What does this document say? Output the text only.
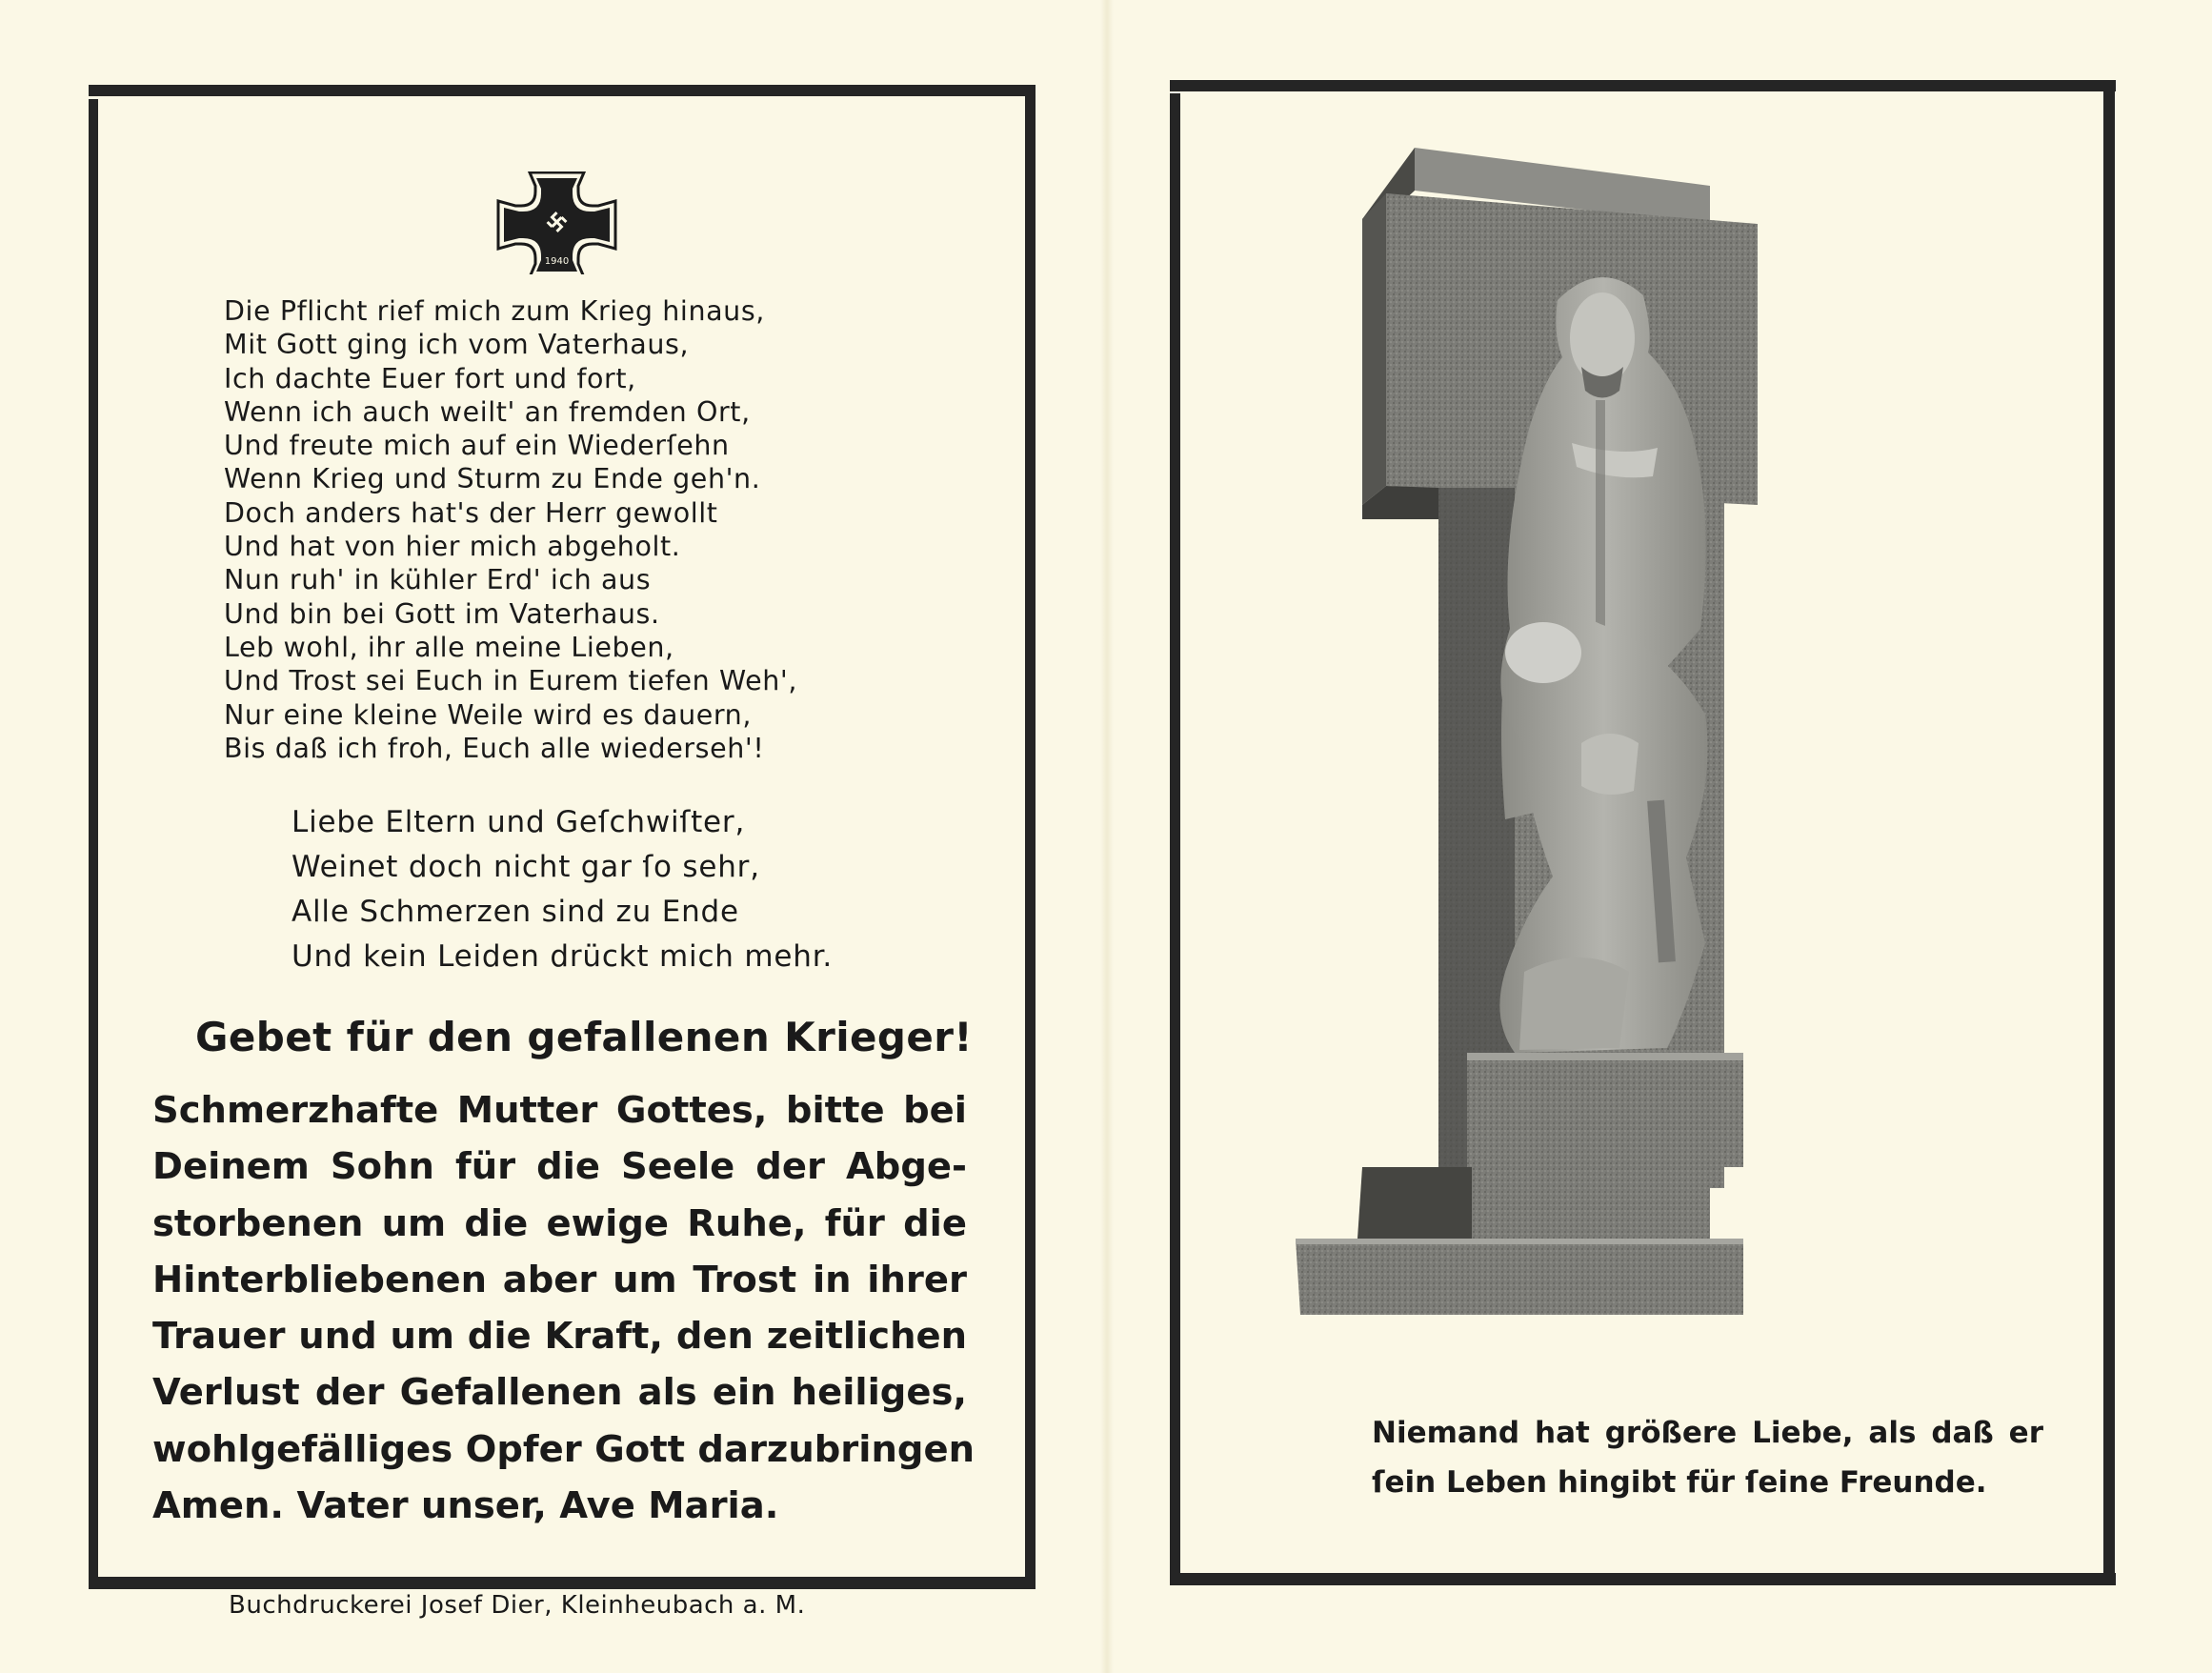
1940
Die Pflicht rief mich zum Krieg hinaus,
Mit Gott ging ich vom Vaterhaus,
Ich dachte Euer fort und fort,
Wenn ich auch weilt' an fremden Ort,
Und freute mich auf ein Wiederſehn
Wenn Krieg und Sturm zu Ende geh'n.
Doch anders hat's der Herr gewollt
Und hat von hier mich abgeholt.
Nun ruh' in kühler Erd' ich aus
Und bin bei Gott im Vaterhaus.
Leb wohl, ihr alle meine Lieben,
Und Trost sei Euch in Eurem tiefen Weh',
Nur eine kleine Weile wird es dauern,
Bis daß ich froh, Euch alle wiederseh'!
Liebe Eltern und Geſchwiſter,
Weinet doch nicht gar ſo sehr,
Alle Schmerzen sind zu Ende
Und kein Leiden drückt mich mehr.
Gebet für den gefallenen Krieger!
Schmerzhafte Mutter Gottes, bitte bei
Deinem Sohn für die Seele der Abge-
storbenen um die ewige Ruhe, für die
Hinterbliebenen aber um Trost in ihrer
Trauer und um die Kraft, den zeitlichen
Verlust der Gefallenen als ein heiliges,
wohlgefälliges Opfer Gott darzubringen
Amen. Vater unser, Ave Maria.
Buchdruckerei Josef Dier, Kleinheubach a. M.
Niemand hat größere Liebe, als daß er
ſein Leben hingibt für ſeine Freunde.
